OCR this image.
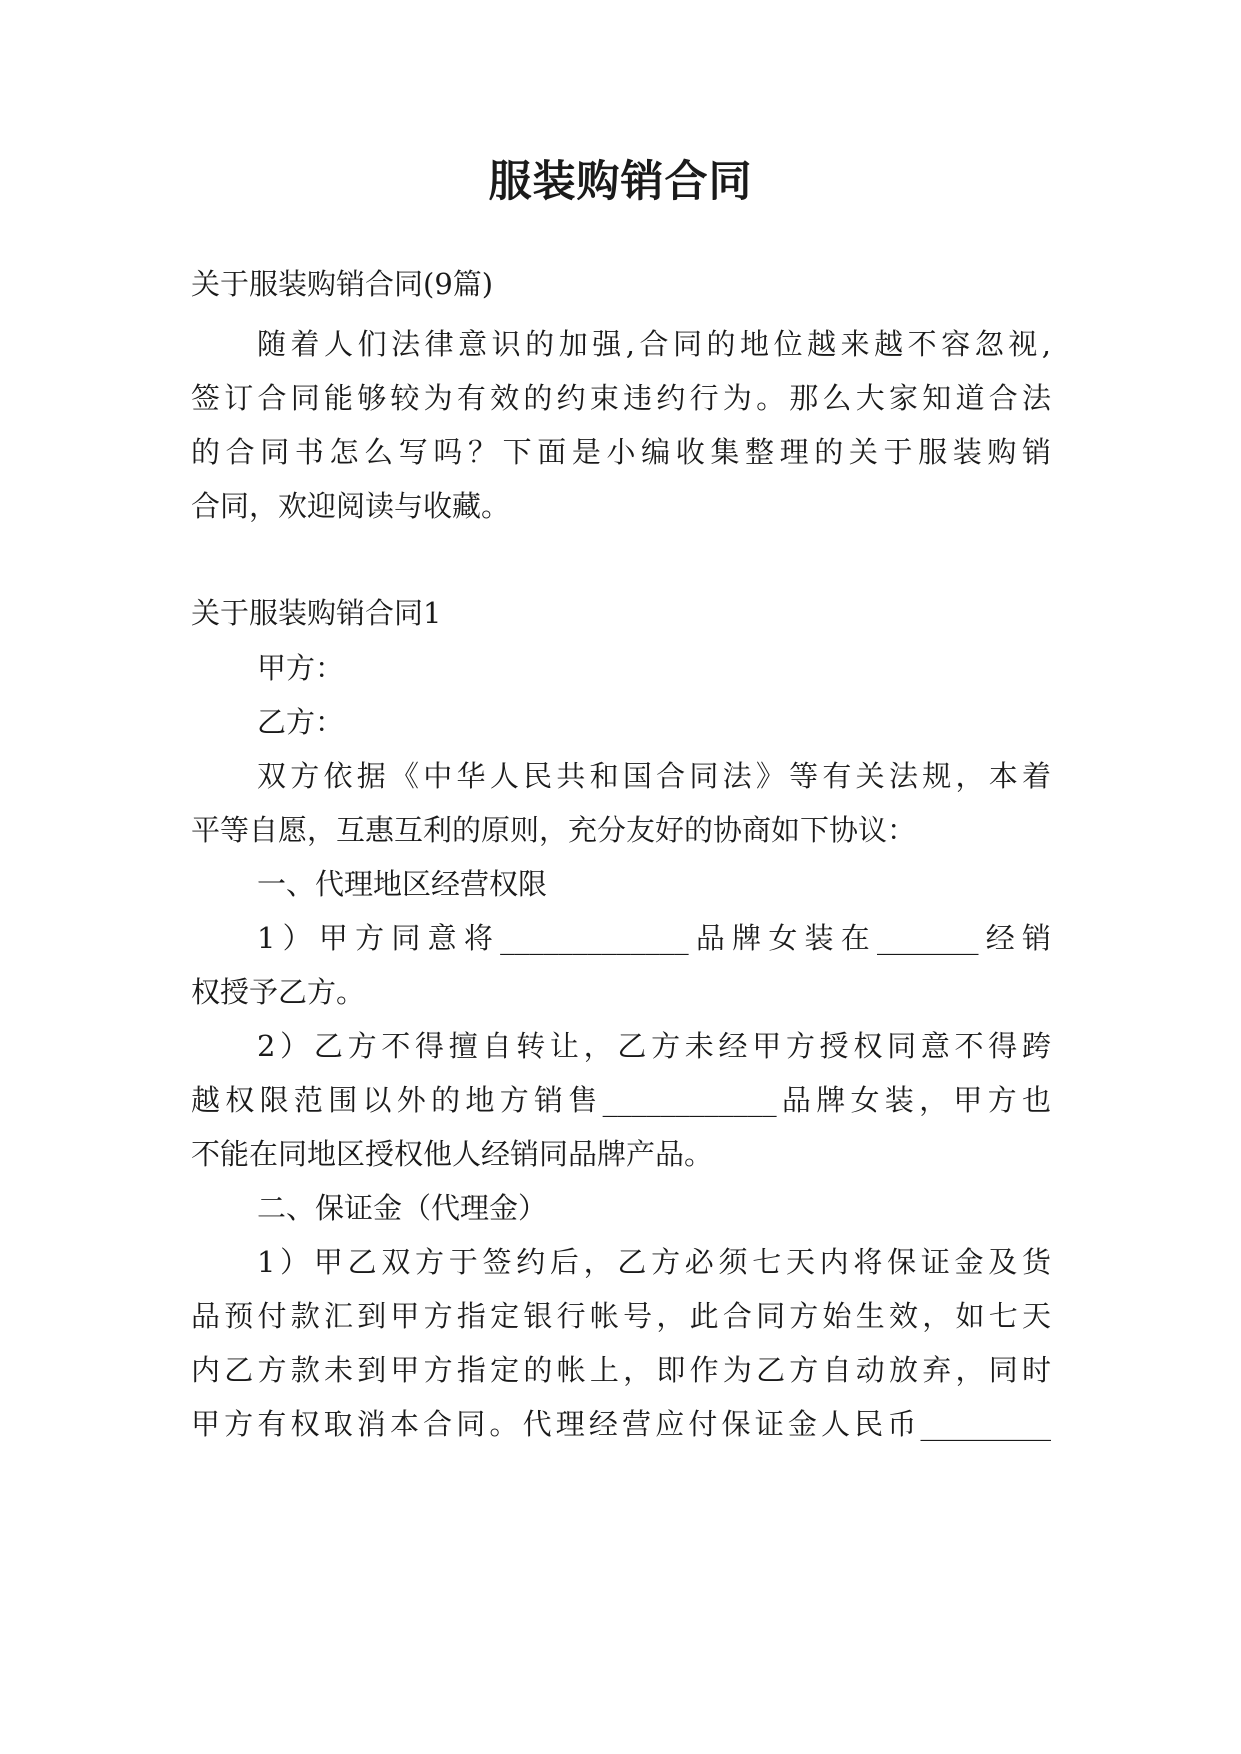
服装购销合同
关于服装购销合同(9篇)
随着人们法律意识的加强,合同的地位越来越不容忽视,
签订合同能够较为有效的约束违约行为。那么大家知道合法
的合同书怎么写吗？下面是小编收集整理的关于服装购销
合同，欢迎阅读与收藏。
关于服装购销合同1
甲方：
乙方：
双方依据《中华人民共和国合同法》等有关法规，本着
平等自愿，互惠互利的原则，充分友好的协商如下协议：
一、代理地区经营权限
1）甲方同意将_____________品牌女装在_______经销
权授予乙方。
2）乙方不得擅自转让，乙方未经甲方授权同意不得跨
越权限范围以外的地方销售____________品牌女装，甲方也
不能在同地区授权他人经销同品牌产品。
二、保证金（代理金）
1）甲乙双方于签约后，乙方必须七天内将保证金及货
品预付款汇到甲方指定银行帐号，此合同方始生效，如七天
内乙方款未到甲方指定的帐上，即作为乙方自动放弃，同时
甲方有权取消本合同。代理经营应付保证金人民币_________
